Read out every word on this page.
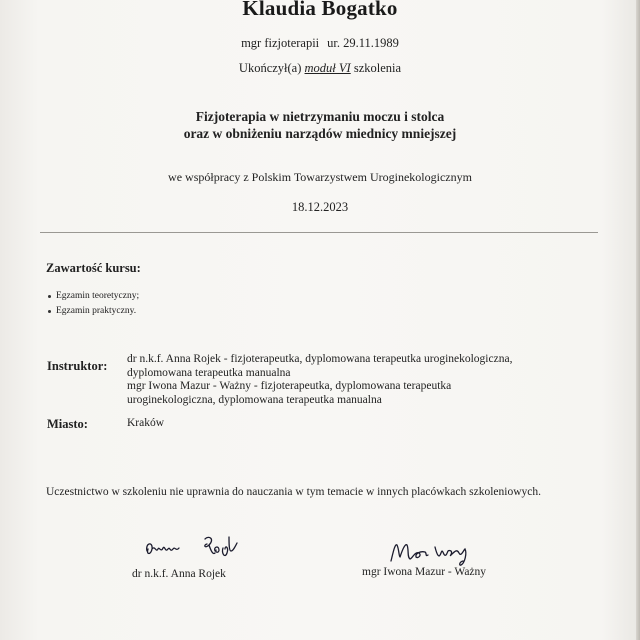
Klaudia Bogatko
mgr fizjoterapii ur. 29.11.1989
Ukończył(a) moduł VI szkolenia
Fizjoterapia w nietrzymaniu moczu i stolca
oraz w obniżeniu narządów miednicy mniejszej
we współpracy z Polskim Towarzystwem Uroginekologicznym
18.12.2023
Zawartość kursu:
Egzamin teoretyczny;
Egzamin praktyczny.
Instruktor: dr n.k.f. Anna Rojek - fizjoterapeutka, dyplomowana terapeutka uroginekologiczna,
dyplomowana terapeutka manualna
mgr Iwona Mazur - Ważny - fizjoterapeutka, dyplomowana terapeutka
uroginekologiczna, dyplomowana terapeutka manualna
Miasto:	Kraków
Uczestnictwo w szkoleniu nie uprawnia do nauczania w tym temacie w innych placówkach szkoleniowych.
dr n.k.f. Anna Rojek	mgr Iwona Mazur - Ważny
